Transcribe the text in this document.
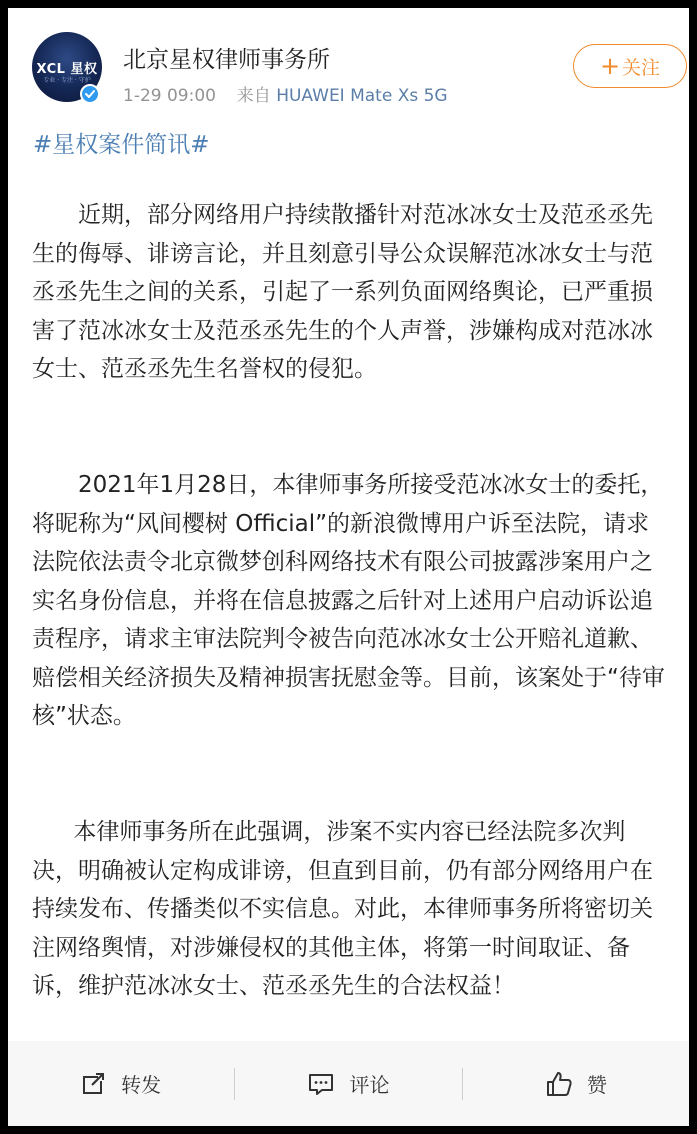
XCL 星权
专业 · 专注 · 守护
北京星权律师事务所
1-29 09:00 来自 HUAWEI Mate Xs 5G
+ 关注
#星权案件简讯#

近期，部分网络用户持续散播针对范冰冰女士及范丞丞先生的侮辱、诽谤言论，并且刻意引导公众误解范冰冰女士与范丞丞先生之间的关系，引起了一系列负面网络舆论，已严重损害了范冰冰女士及范丞丞先生的个人声誉，涉嫌构成对范冰冰女士、范丞丞先生名誉权的侵犯。

2021年1月28日，本律师事务所接受范冰冰女士的委托，将昵称为“风间樱树 Official”的新浪微博用户诉至法院，请求法院依法责令北京微梦创科网络技术有限公司披露涉案用户之实名身份信息，并将在信息披露之后针对上述用户启动诉讼追责程序，请求主审法院判令被告向范冰冰女士公开赔礼道歉、赔偿相关经济损失及精神损害抚慰金等。目前，该案处于“待审核”状态。

本律师事务所在此强调，涉案不实内容已经法院多次判决，明确被认定构成诽谤，但直到目前，仍有部分网络用户在持续发布、传播类似不实信息。对此，本律师事务所将密切关注网络舆情，对涉嫌侵权的其他主体，将第一时间取证、备诉，维护范冰冰女士、范丞丞先生的合法权益！

转发	评论	赞
